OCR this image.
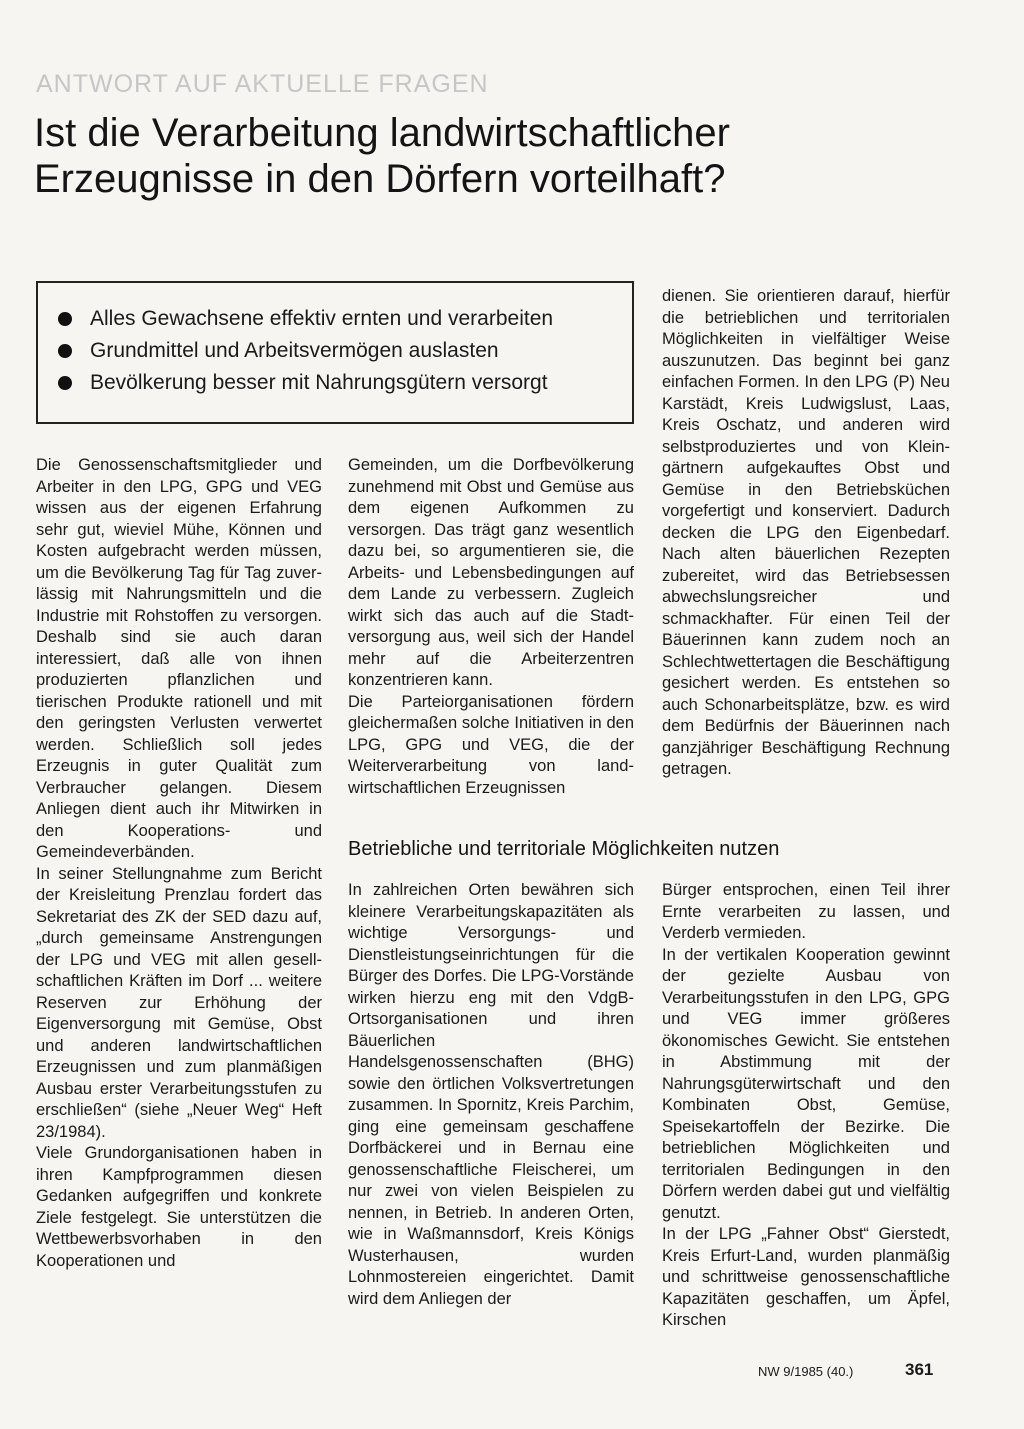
ANTWORT AUF AKTUELLE FRAGEN
Ist die Verarbeitung landwirtschaftlicher
Erzeugnisse in den Dörfern vorteilhaft?
Alles Gewachsene effektiv ernten und verarbeiten
Grundmittel und Arbeitsvermögen auslasten
Bevölkerung besser mit Nahrungsgütern versorgt

Die Genossenschaftsmitglieder und Arbeiter in den LPG, GPG und VEG wissen aus der eigenen Erfahrung sehr gut, wieviel Mühe, Können und Kosten aufgebracht werden müssen, um die Bevölkerung Tag für Tag zuverlässig mit Nahrungsmitteln und die Industrie mit Rohstoffen zu versorgen. Deshalb sind sie auch daran interessiert, daß alle von ihnen produzierten pflanzlichen und tierischen Produkte rationell und mit den geringsten Verlusten verwertet werden. Schließlich soll jedes Erzeugnis in guter Qualität zum Verbraucher gelangen. Diesem Anliegen dient auch ihr Mitwirken in den Kooperations- und Gemeindeverbänden.

In seiner Stellungnahme zum Bericht der Kreisleitung Prenzlau fordert das Sekretariat des ZK der SED dazu auf, „durch gemeinsame Anstrengungen der LPG und VEG mit allen gesellschaftlichen Kräften im Dorf ... weitere Reserven zur Erhöhung der Eigenversorgung mit Gemüse, Obst und anderen landwirtschaftlichen Erzeugnissen und zum planmäßigen Ausbau erster Verarbeitungsstufen zu erschließen“ (siehe „Neuer Weg“ Heft 23/1984).

Viele Grundorganisationen haben in ihren Kampfprogrammen diesen Gedanken aufgegriffen und konkrete Ziele festgelegt. Sie unterstützen die Wettbewerbsvorhaben in den Kooperationen und

Gemeinden, um die Dorfbevölkerung zunehmend mit Obst und Gemüse aus dem eigenen Aufkommen zu versorgen. Das trägt ganz wesentlich dazu bei, so argumentieren sie, die Arbeits- und Lebensbedingungen auf dem Lande zu verbessern. Zugleich wirkt sich das auch auf die Stadtversorgung aus, weil sich der Handel mehr auf die Arbeiterzentren konzentrieren kann.

Die Parteiorganisationen fördern gleichermaßen solche Initiativen in den LPG, GPG und VEG, die der Weiterverarbeitung von landwirtschaftlichen Erzeugnissen

dienen. Sie orientieren darauf, hierfür die betrieblichen und territorialen Möglichkeiten in vielfältiger Weise auszunutzen. Das beginnt bei ganz einfachen Formen. In den LPG (P) Neu Karstädt, Kreis Ludwigslust, Laas, Kreis Oschatz, und anderen wird selbstproduziertes und von Kleingärtnern aufgekauftes Obst und Gemüse in den Betriebsküchen vorgefertigt und konserviert. Dadurch decken die LPG den Eigenbedarf. Nach alten bäuerlichen Rezepten zubereitet, wird das Betriebsessen abwechslungsreicher und schmackhafter. Für einen Teil der Bäuerinnen kann zudem noch an Schlechtwettertagen die Beschäftigung gesichert werden. Es entstehen so auch Schonarbeitsplätze, bzw. es wird dem Bedürfnis der Bäuerinnen nach ganzjähriger Beschäftigung Rechnung getragen.

Betriebliche und territoriale Möglichkeiten nutzen

In zahlreichen Orten bewähren sich kleinere Verarbeitungskapazitäten als wichtige Versorgungs- und Dienstleistungseinrichtungen für die Bürger des Dorfes. Die LPG-Vorstände wirken hierzu eng mit den VdgB-Ortsorganisationen und ihren Bäuerlichen Handelsgenossenschaften (BHG) sowie den örtlichen Volksvertretungen zusammen. In Spornitz, Kreis Parchim, ging eine gemeinsam geschaffene Dorfbäckerei und in Bernau eine genossenschaftliche Fleischerei, um nur zwei von vielen Beispielen zu nennen, in Betrieb. In anderen Orten, wie in Waßmannsdorf, Kreis Königs Wusterhausen, wurden Lohnmostereien eingerichtet. Damit wird dem Anliegen der

Bürger entsprochen, einen Teil ihrer Ernte verarbeiten zu lassen, und Verderb vermieden.

In der vertikalen Kooperation gewinnt der gezielte Ausbau von Verarbeitungsstufen in den LPG, GPG und VEG immer größeres ökonomisches Gewicht. Sie entstehen in Abstimmung mit der Nahrungsgüterwirtschaft und den Kombinaten Obst, Gemüse, Speisekartoffeln der Bezirke. Die betrieblichen Möglichkeiten und territorialen Bedingungen in den Dörfern werden dabei gut und vielfältig genutzt.

In der LPG „Fahner Obst“ Gierstedt, Kreis Erfurt-Land, wurden planmäßig und schrittweise genossenschaftliche Kapazitäten geschaffen, um Äpfel, Kirschen

NW 9/1985 (40.)	361
